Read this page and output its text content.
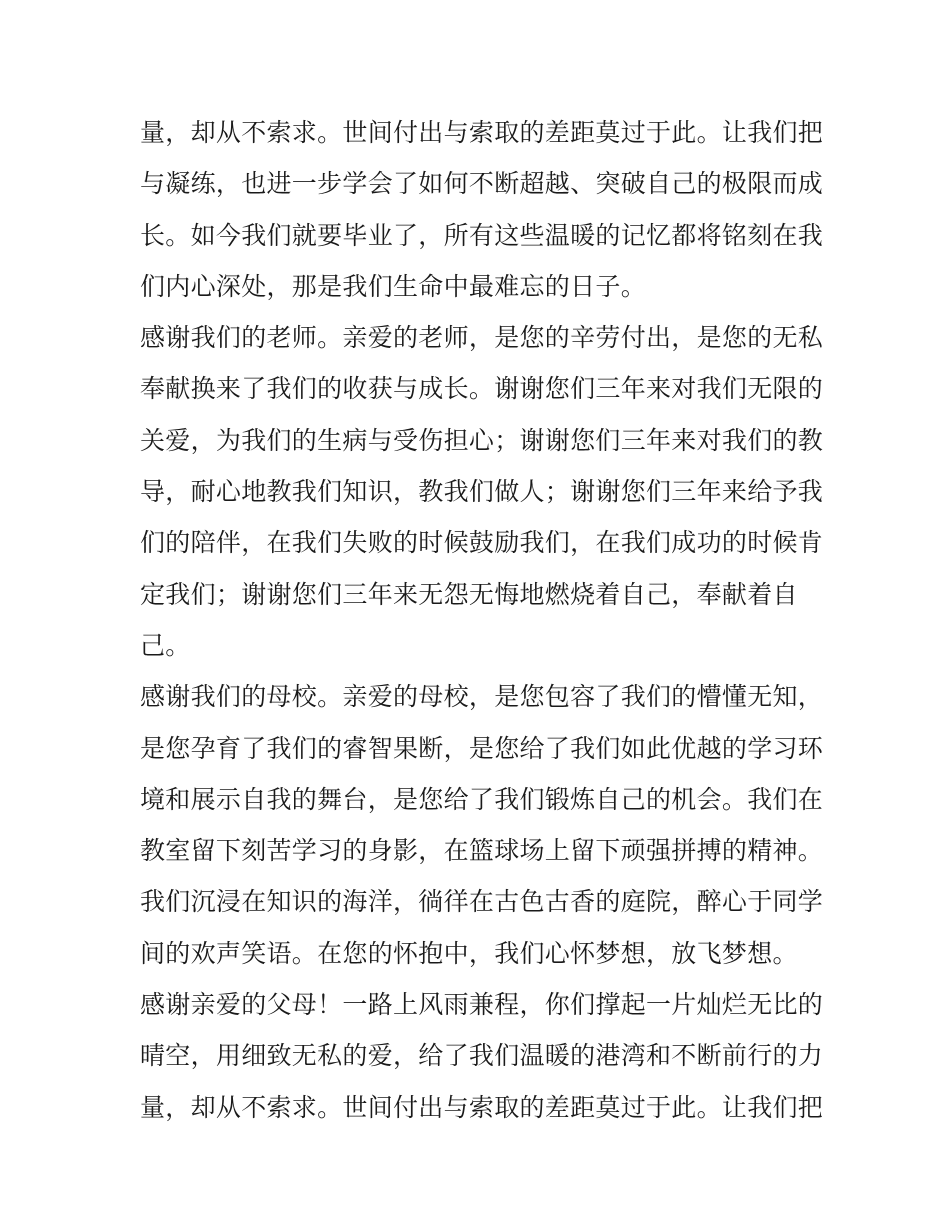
量，却从不索求。世间付出与索取的差距莫过于此。让我们把
与凝练，也进一步学会了如何不断超越、突破自己的极限而成
长。如今我们就要毕业了，所有这些温暖的记忆都将铭刻在我
们内心深处，那是我们生命中最难忘的日子。
感谢我们的老师。亲爱的老师，是您的辛劳付出，是您的无私
奉献换来了我们的收获与成长。谢谢您们三年来对我们无限的
关爱，为我们的生病与受伤担心；谢谢您们三年来对我们的教
导，耐心地教我们知识，教我们做人；谢谢您们三年来给予我
们的陪伴，在我们失败的时候鼓励我们，在我们成功的时候肯
定我们；谢谢您们三年来无怨无悔地燃烧着自己，奉献着自
己。
感谢我们的母校。亲爱的母校，是您包容了我们的懵懂无知，
是您孕育了我们的睿智果断，是您给了我们如此优越的学习环
境和展示自我的舞台，是您给了我们锻炼自己的机会。我们在
教室留下刻苦学习的身影，在篮球场上留下顽强拼搏的精神。
我们沉浸在知识的海洋，徜徉在古色古香的庭院，醉心于同学
间的欢声笑语。在您的怀抱中，我们心怀梦想，放飞梦想。
感谢亲爱的父母！一路上风雨兼程，你们撑起一片灿烂无比的
晴空，用细致无私的爱，给了我们温暖的港湾和不断前行的力
量，却从不索求。世间付出与索取的差距莫过于此。让我们把
